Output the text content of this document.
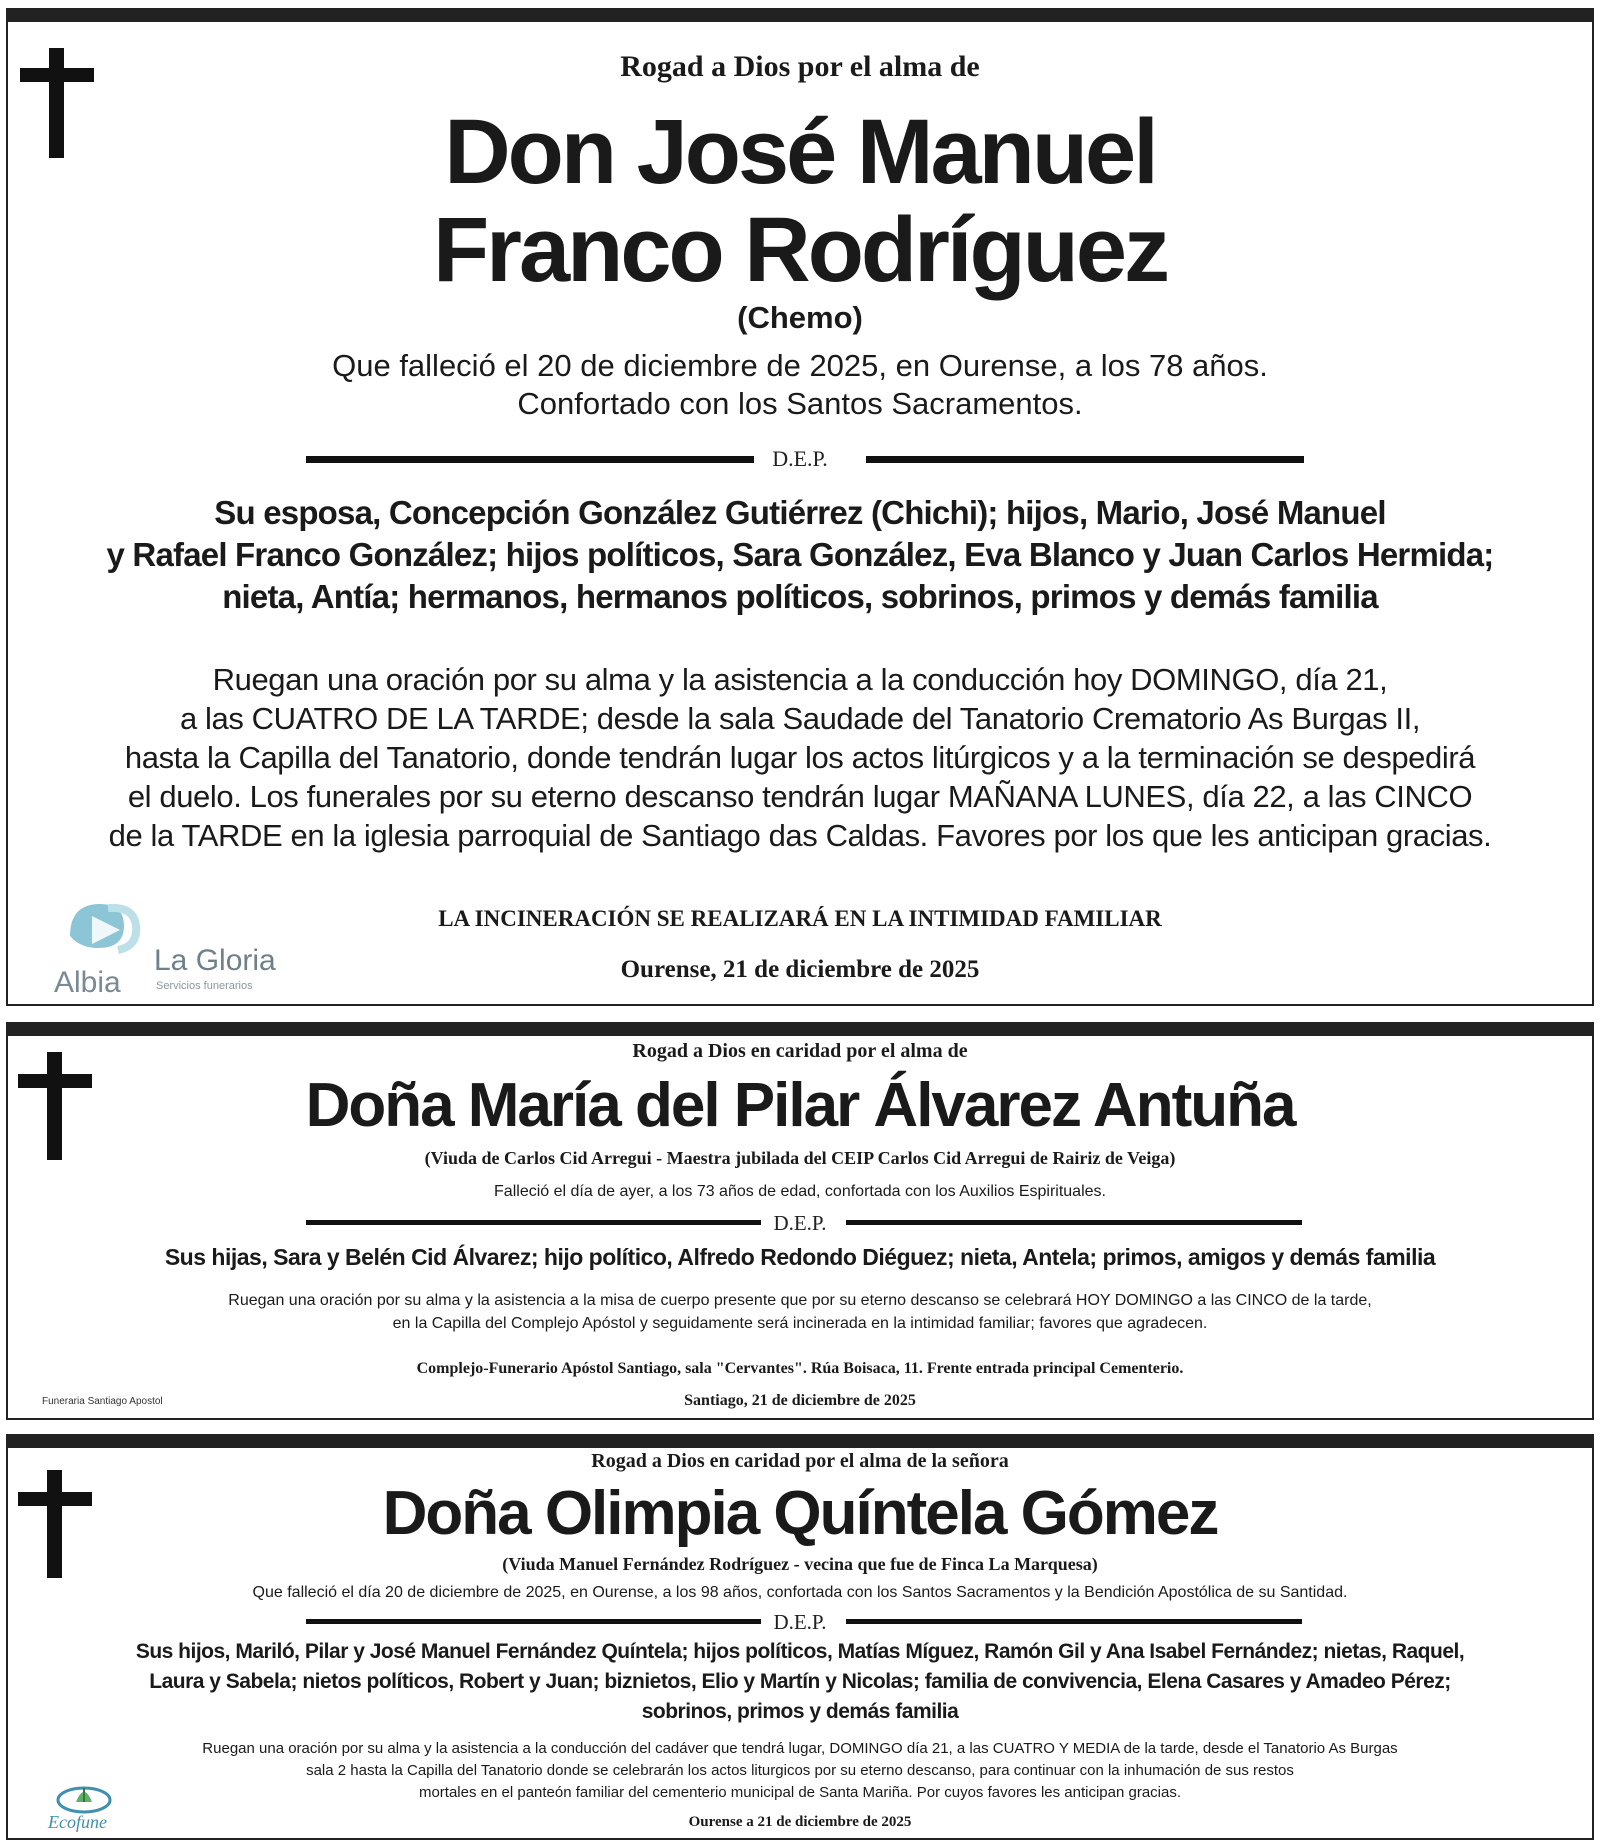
Rogad a Dios por el alma de
Don José Manuel
Franco Rodríguez
(Chemo)
Que falleció el 20 de diciembre de 2025, en Ourense, a los 78 años.
Confortado con los Santos Sacramentos.
D.E.P.
Su esposa, Concepción González Gutiérrez (Chichi); hijos, Mario, José Manuel
y Rafael Franco González; hijos políticos, Sara González, Eva Blanco y Juan Carlos Hermida;
nieta, Antía; hermanos, hermanos políticos, sobrinos, primos y demás familia
Ruegan una oración por su alma y la asistencia a la conducción hoy DOMINGO, día 21,
a las CUATRO DE LA TARDE; desde la sala Saudade del Tanatorio Crematorio As Burgas II,
hasta la Capilla del Tanatorio, donde tendrán lugar los actos litúrgicos y a la terminación se despedirá
el duelo. Los funerales por su eterno descanso tendrán lugar MAÑANA LUNES, día 22, a las CINCO
de la TARDE en la iglesia parroquial de Santiago das Caldas. Favores por los que les anticipan gracias.
LA INCINERACIÓN SE REALIZARÁ EN LA INTIMIDAD FAMILIAR
Ourense, 21 de diciembre de 2025
Albia
La Gloria
Servicios funerarios
Rogad a Dios en caridad por el alma de
Doña María del Pilar Álvarez Antuña
(Viuda de Carlos Cid Arregui - Maestra jubilada del CEIP Carlos Cid Arregui de Rairiz de Veiga)
Falleció el día de ayer, a los 73 años de edad, confortada con los Auxilios Espirituales.
D.E.P.
Sus hijas, Sara y Belén Cid Álvarez; hijo político, Alfredo Redondo Diéguez; nieta, Antela; primos, amigos y demás familia
Ruegan una oración por su alma y la asistencia a la misa de cuerpo presente que por su eterno descanso se celebrará HOY DOMINGO a las CINCO de la tarde,
en la Capilla del Complejo Apóstol y seguidamente será incinerada en la intimidad familiar; favores que agradecen.
Complejo-Funerario Apóstol Santiago, sala "Cervantes". Rúa Boisaca, 11. Frente entrada principal Cementerio.
Santiago, 21 de diciembre de 2025
Funeraria Santiago Apostol
Rogad a Dios en caridad por el alma de la señora
Doña Olimpia Quíntela Gómez
(Viuda Manuel Fernández Rodríguez - vecina que fue de Finca La Marquesa)
Que falleció el día 20 de diciembre de 2025, en Ourense, a los 98 años, confortada con los Santos Sacramentos y la Bendición Apostólica de su Santidad.
D.E.P.
Sus hijos, Mariló, Pilar y José Manuel Fernández Quíntela; hijos políticos, Matías Míguez, Ramón Gil y Ana Isabel Fernández; nietas, Raquel,
Laura y Sabela; nietos políticos, Robert y Juan; biznietos, Elio y Martín y Nicolas; familia de convivencia, Elena Casares y Amadeo Pérez;
sobrinos, primos y demás familia
Ruegan una oración por su alma y la asistencia a la conducción del cadáver que tendrá lugar, DOMINGO día 21, a las CUATRO Y MEDIA de la tarde, desde el Tanatorio As Burgas
sala 2 hasta la Capilla del Tanatorio donde se celebrarán los actos liturgicos por su eterno descanso, para continuar con la inhumación de sus restos
mortales en el panteón familiar del cementerio municipal de Santa Mariña. Por cuyos favores les anticipan gracias.
Ourense a 21 de diciembre de 2025
Ecofune
